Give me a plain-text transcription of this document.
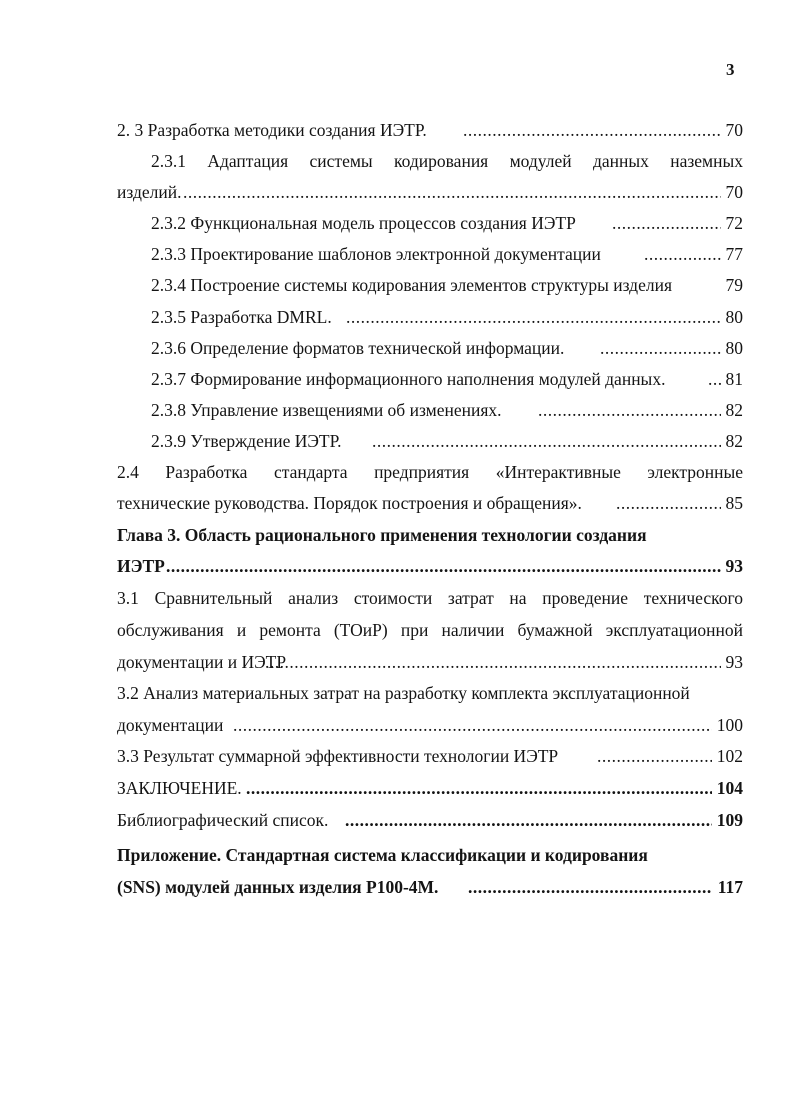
3
2. 3 Разработка методики создания ИЭТР. .....	70
2.3.1 Адаптация системы кодирования модулей данных наземных
изделий. .....	70
2.3.2 Функциональная модель процессов создания ИЭТР .....	72
2.3.3 Проектирование шаблонов электронной документации .....	77
2.3.4 Построение системы кодирования элементов структуры изделия	79
2.3.5 Разработка DMRL. .....	80
2.3.6 Определение форматов технической информации. .....	80
2.3.7 Формирование информационного наполнения модулей данных. .....	81
2.3.8 Управление извещениями об изменениях. .....	82
2.3.9 Утверждение ИЭТР. .....	82
2.4 Разработка стандарта предприятия «Интерактивные электронные
технические руководства. Порядок построения и обращения». .....	85
Глава 3. Область рационального применения технологии создания
ИЭТР .....	93
3.1 Сравнительный анализ стоимости затрат на проведение технического
обслуживания и ремонта (ТОиР) при наличии бумажной эксплуатационной
документации и ИЭТР .....	93
3.2 Анализ материальных затрат на разработку комплекта эксплуатационной
документации .....	100
3.3 Результат суммарной эффективности технологии ИЭТР .....	102
ЗАКЛЮЧЕНИЕ. .....	104
Библиографический список. .....	109
Приложение. Стандартная система классификации и кодирования
(SNS) модулей данных изделия Р100-4М. .....	117
